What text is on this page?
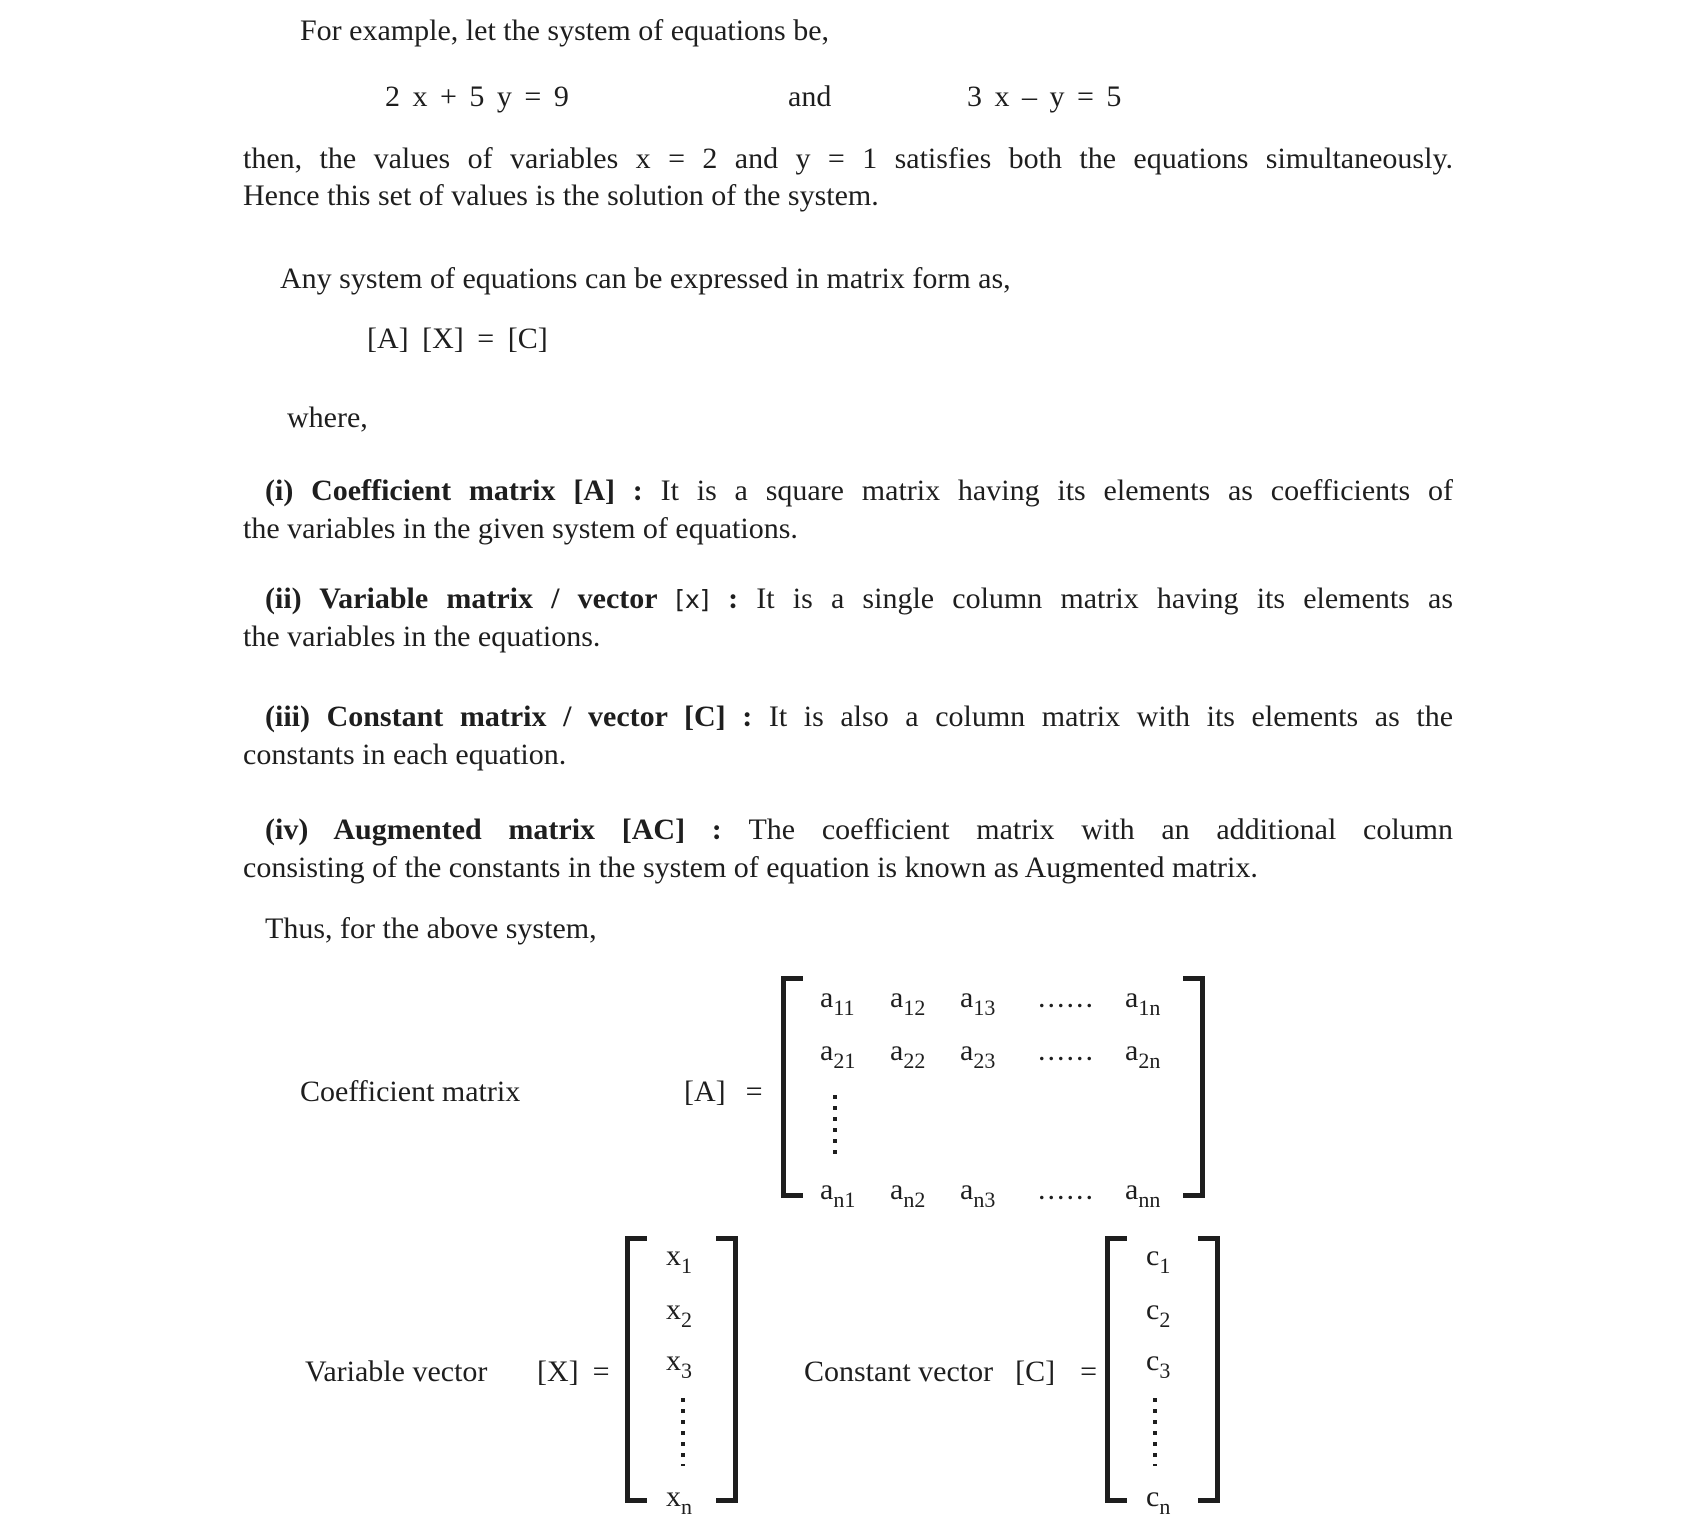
For example, let the system of equations be,
2 x + 5 y = 9	and	3 x – y = 5
then, the values of variables x = 2 and y = 1 satisfies both the equations simultaneously.
Hence this set of values is the solution of the system.
Any system of equations can be expressed in matrix form as,
[A] [X] = [C]
where,
(i) Coefficient matrix [A] : It is a square matrix having its elements as coefficients of
the variables in the given system of equations.
(ii) Variable matrix / vector [x] : It is a single column matrix having its elements as
the variables in the equations.
(iii) Constant matrix / vector [C] : It is also a column matrix with its elements as the
constants in each equation.
(iv) Augmented matrix [AC] : The coefficient matrix with an additional column
consisting of the constants in the system of equation is known as Augmented matrix.
Thus, for the above system,
Coefficient matrix	[A] =
$a_{11}$	$a_{12}$	$a_{13}$	......	$a_{1n}$
$a_{21}$	$a_{22}$	$a_{23}$	......	$a_{2n}$
$a_{n1}$	$a_{n2}$	$a_{n3}$	......	$a_{nn}$
Variable vector [X] =
$x_1$
$x_2$
$x_3$
$x_n$
Constant vector [C] =
$c_1$
$c_2$
$c_3$
$c_n$
